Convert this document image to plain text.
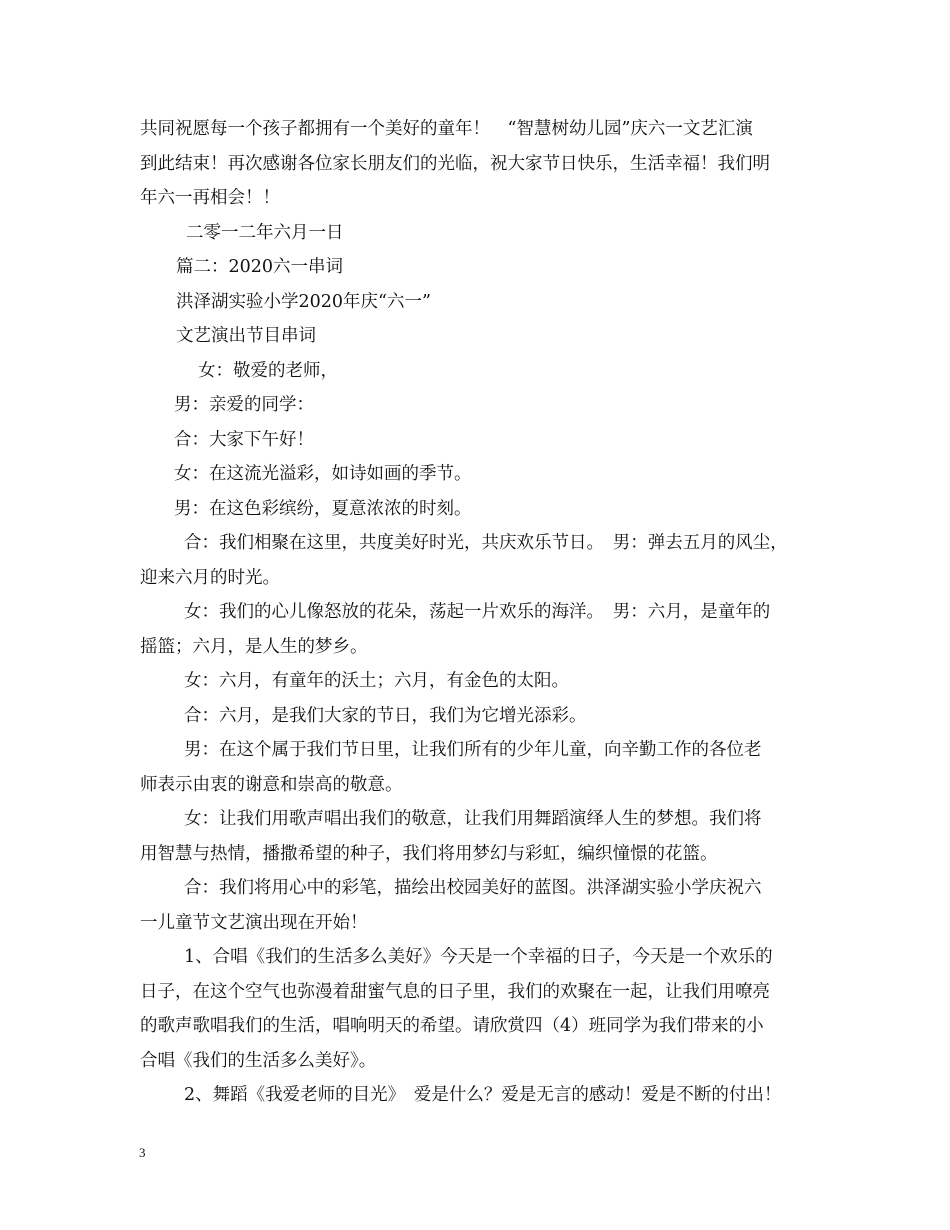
共同祝愿每一个孩子都拥有一个美好的童年！　“智慧树幼儿园”庆六一文艺汇演

到此结束！再次感谢各位家长朋友们的光临，祝大家节日快乐，生活幸福！我们明

年六一再相会！！

二零一二年六月一日

篇二：2020六一串词

洪泽湖实验小学2020年庆“六一”

文艺演出节目串词

女：敬爱的老师，

男：亲爱的同学：

合：大家下午好！

女：在这流光溢彩，如诗如画的季节。

男：在这色彩缤纷，夏意浓浓的时刻。

合：我们相聚在这里，共度美好时光，共庆欢乐节日。　男：弹去五月的风尘，

迎来六月的时光。

女：我们的心儿像怒放的花朵，荡起一片欢乐的海洋。　男：六月，是童年的

摇篮；六月，是人生的梦乡。

女：六月，有童年的沃土；六月，有金色的太阳。

合：六月，是我们大家的节日，我们为它增光添彩。

男：在这个属于我们节日里，让我们所有的少年儿童，向辛勤工作的各位老

师表示由衷的谢意和崇高的敬意。

女：让我们用歌声唱出我们的敬意，让我们用舞蹈演绎人生的梦想。我们将

用智慧与热情，播撒希望的种子，我们将用梦幻与彩虹，编织憧憬的花篮。

合：我们将用心中的彩笔，描绘出校园美好的蓝图。洪泽湖实验小学庆祝六

一儿童节文艺演出现在开始！

1、合唱《我们的生活多么美好》今天是一个幸福的日子，今天是一个欢乐的

日子，在这个空气也弥漫着甜蜜气息的日子里，我们的欢聚在一起，让我们用嘹亮

的歌声歌唱我们的生活，唱响明天的希望。请欣赏四（4）班同学为我们带来的小

合唱《我们的生活多么美好》。

2、舞蹈《我爱老师的目光》　爱是什么？爱是无言的感动！爱是不断的付出！

3
